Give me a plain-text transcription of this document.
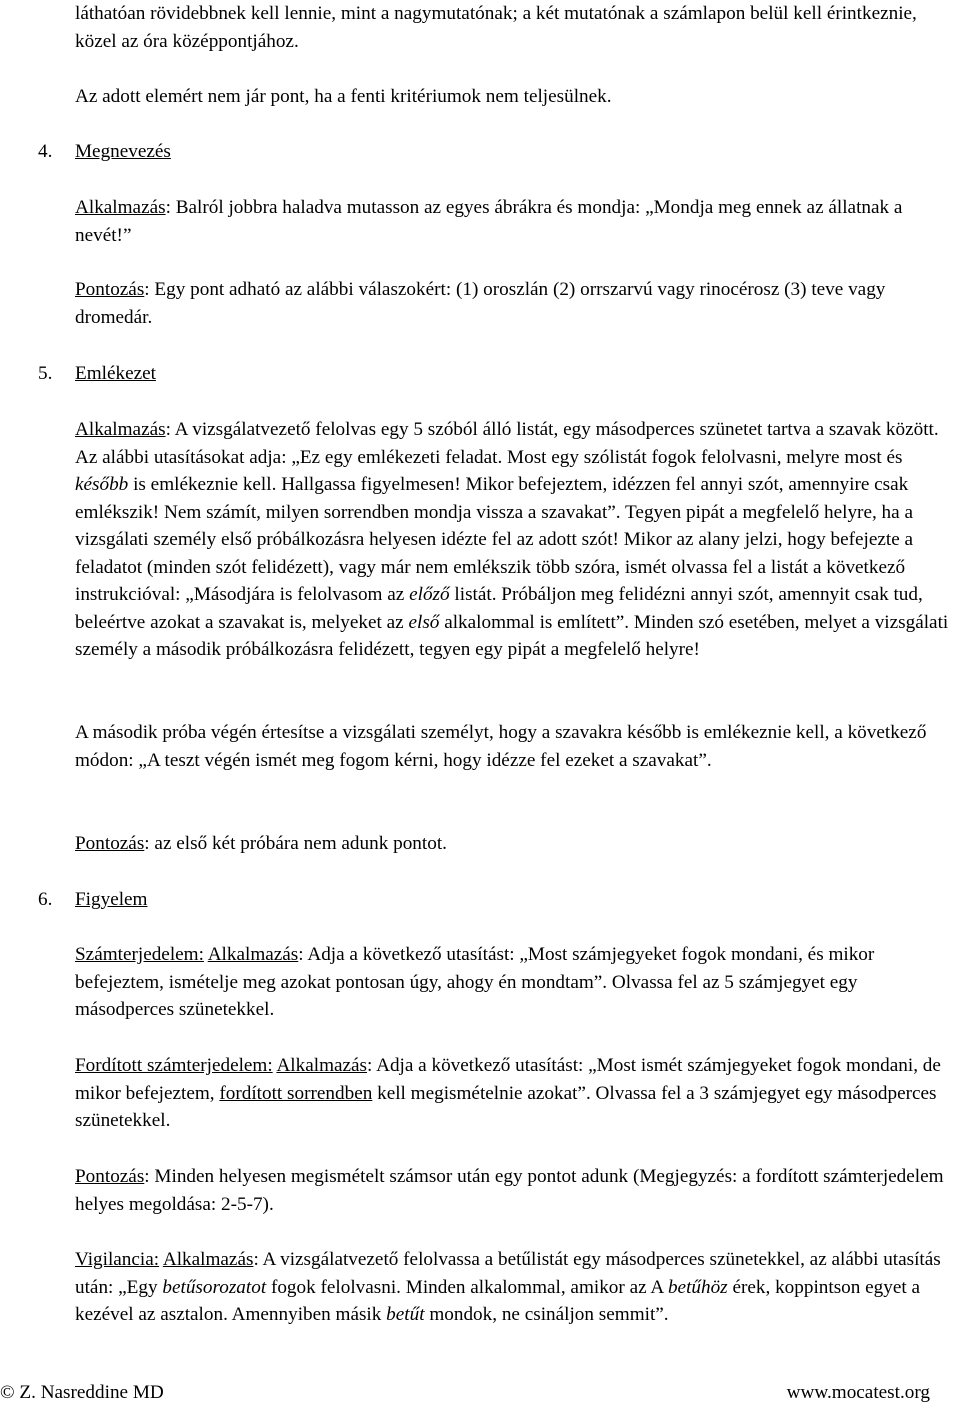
láthatóan rövidebbnek kell lennie, mint a nagymutatónak; a két mutatónak a számlapon belül kell érintkeznie, közel az óra középpontjához.

Az adott elemért nem jár pont, ha a fenti kritériumok nem teljesülnek.

4. Megnevezés

Alkalmazás: Balról jobbra haladva mutasson az egyes ábrákra és mondja: „Mondja meg ennek az állatnak a nevét!”

Pontozás: Egy pont adható az alábbi válaszokért: (1) oroszlán (2) orrszarvú vagy rinocérosz (3) teve vagy dromedár.

5. Emlékezet

Alkalmazás: A vizsgálatvezető felolvas egy 5 szóból álló listát, egy másodperces szünetet tartva a szavak között. Az alábbi utasításokat adja: „Ez egy emlékezeti feladat. Most egy szólistát fogok felolvasni, melyre most és később is emlékeznie kell. Hallgassa figyelmesen! Mikor befejeztem, idézzen fel annyi szót, amennyire csak emlékszik! Nem számít, milyen sorrendben mondja vissza a szavakat”. Tegyen pipát a megfelelő helyre, ha a vizsgálati személy első próbálkozásra helyesen idézte fel az adott szót! Mikor az alany jelzi, hogy befejezte a feladatot (minden szót felidézett), vagy már nem emlékszik több szóra, ismét olvassa fel a listát a következő instrukcióval: „Másodjára is felolvasom az előző listát. Próbáljon meg felidézni annyi szót, amennyit csak tud, beleértve azokat a szavakat is, melyeket az első alkalommal is említett”. Minden szó esetében, melyet a vizsgálati személy a második próbálkozásra felidézett, tegyen egy pipát a megfelelő helyre!

A második próba végén értesítse a vizsgálati személyt, hogy a szavakra később is emlékeznie kell, a következő módon: „A teszt végén ismét meg fogom kérni, hogy idézze fel ezeket a szavakat”.

Pontozás: az első két próbára nem adunk pontot.

6. Figyelem

Számterjedelem: Alkalmazás: Adja a következő utasítást: „Most számjegyeket fogok mondani, és mikor befejeztem, ismételje meg azokat pontosan úgy, ahogy én mondtam”. Olvassa fel az 5 számjegyet egy másodperces szünetekkel.

Fordított számterjedelem: Alkalmazás: Adja a következő utasítást: „Most ismét számjegyeket fogok mondani, de mikor befejeztem, fordított sorrendben kell megismételnie azokat”. Olvassa fel a 3 számjegyet egy másodperces szünetekkel.

Pontozás: Minden helyesen megismételt számsor után egy pontot adunk (Megjegyzés: a fordított számterjedelem helyes megoldása: 2-5-7).

Vigilancia: Alkalmazás: A vizsgálatvezető felolvassa a betűlistát egy másodperces szünetekkel, az alábbi utasítás után: „Egy betűsorozatot fogok felolvasni. Minden alkalommal, amikor az A betűhöz érek, koppintson egyet a kezével az asztalon. Amennyiben másik betűt mondok, ne csináljon semmit”.

© Z. Nasreddine MD	www.mocatest.org
